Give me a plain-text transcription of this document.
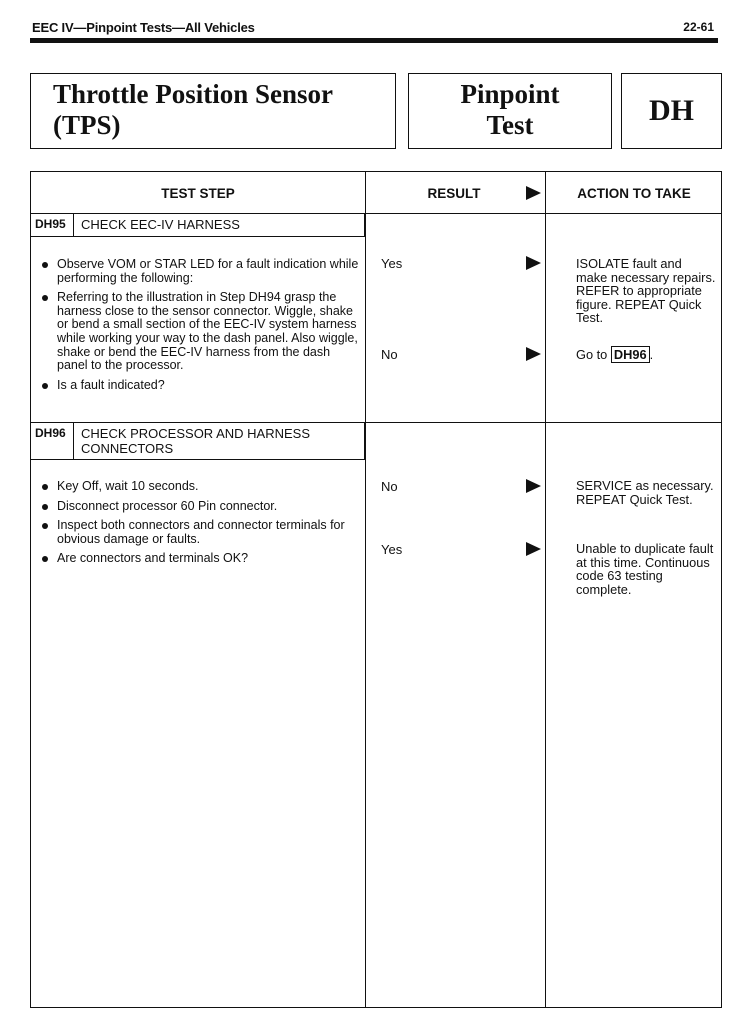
EEC IV—Pinpoint Tests—All Vehicles	22-61
Throttle Position Sensor
(TPS)
Pinpoint
Test	DH
TEST STEP	RESULT	ACTION TO TAKE
DH95	CHECK EEC-IV HARNESS
Observe VOM or STAR LED for a fault indication while performing the following:
Referring to the illustration in Step DH94 grasp the harness close to the sensor connector. Wiggle, shake or bend a small section of the EEC-IV system harness while working your way to the dash panel. Also wiggle, shake or bend the EEC-IV harness from the dash panel to the processor.
Is a fault indicated?
Yes	ISOLATE fault and make necessary repairs. REFER to appropriate figure. REPEAT Quick Test.
No	Go to DH96 .
DH96	CHECK PROCESSOR AND HARNESS
CONNECTORS
Key Off, wait 10 seconds.
Disconnect processor 60 Pin connector.
Inspect both connectors and connector terminals for obvious damage or faults.
Are connectors and terminals OK?
No	SERVICE as necessary. REPEAT Quick Test.
Yes	Unable to duplicate fault at this time. Continuous code 63 testing complete.
